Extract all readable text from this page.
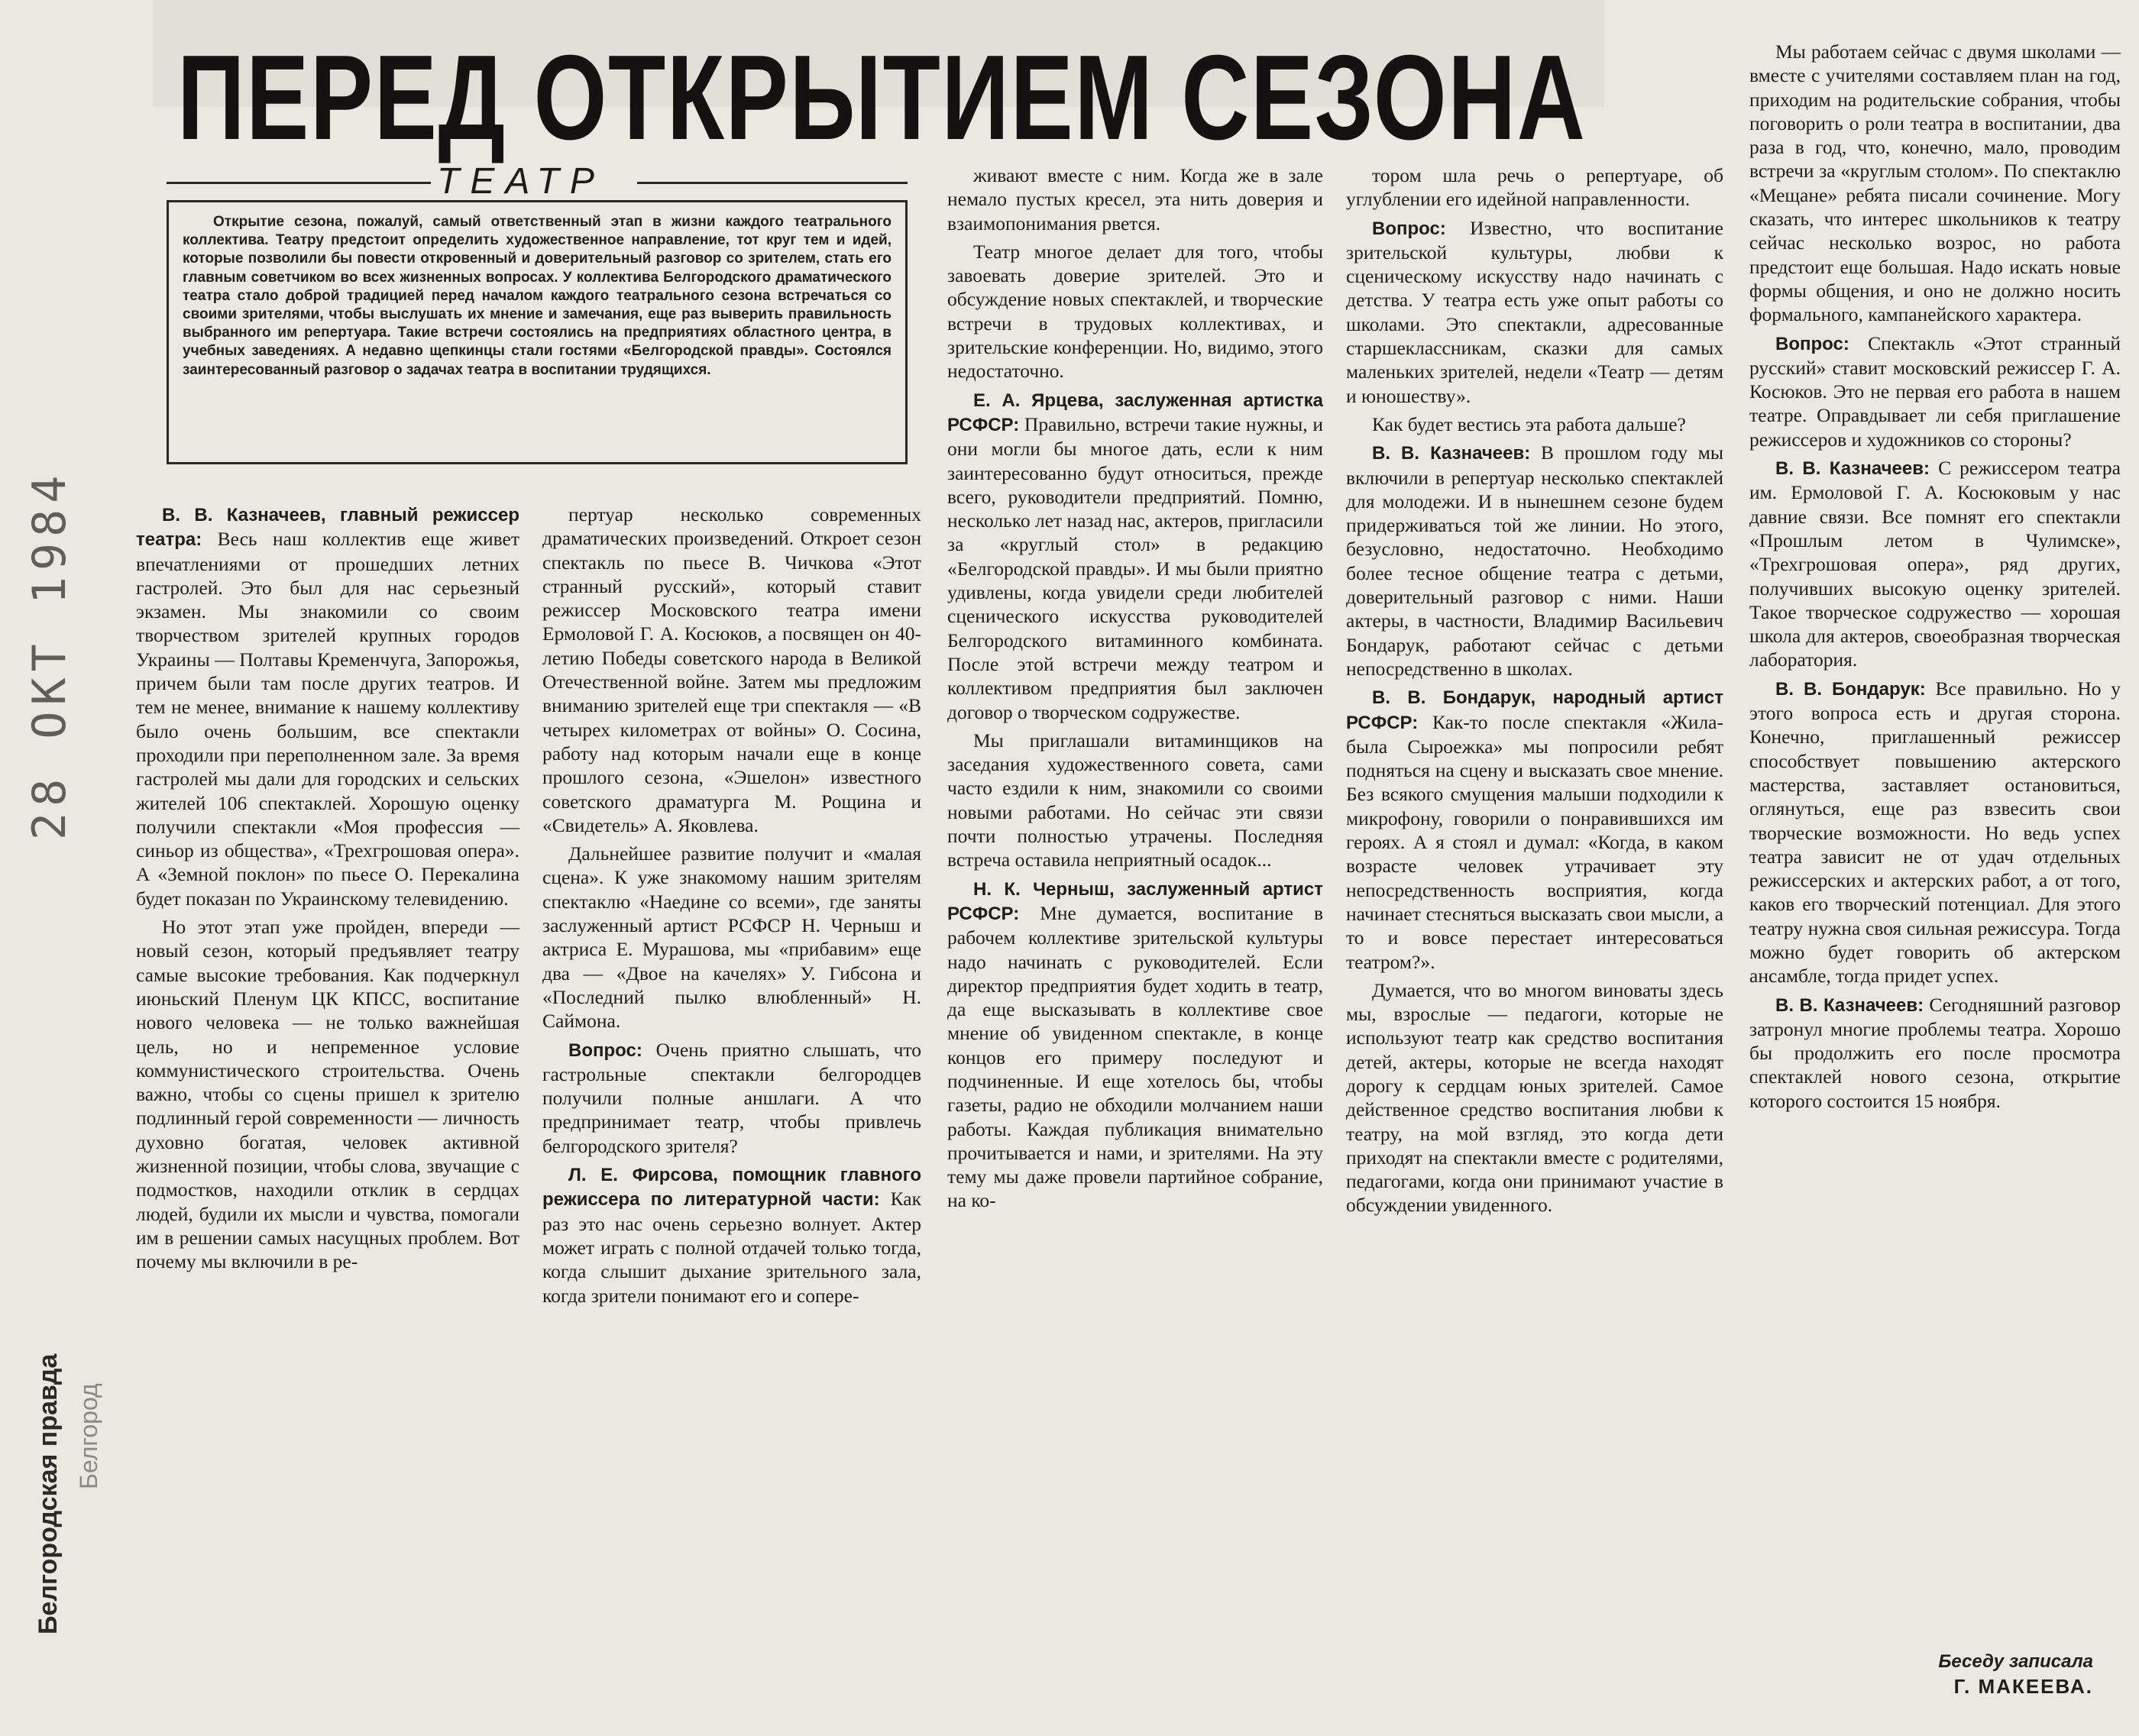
ПЕРЕД ОТКРЫТИЕМ СЕЗОНА
ТЕАТР
Открытие сезона, пожалуй, самый ответственный этап в жизни каждого театрального коллектива. Театру предстоит определить художественное направление, тот круг тем и идей, которые позволили бы повести откровенный и доверительный разговор со зрителем, стать его главным советчиком во всех жизненных вопросах. У коллектива Белгородского драматического театра стало доброй традицией перед началом каждого театрального сезона встречаться со своими зрителями, чтобы выслушать их мнение и замечания, еще раз выверить правильность выбранного им репертуара. Такие встречи состоялись на предприятиях областного центра, в учебных заведениях. А недавно щепкинцы стали гостями «Белгородской правды». Состоялся заинтересованный разговор о задачах театра в воспитании трудящихся.

В. В. Казначеев, главный режиссер театра: Весь наш коллектив еще живет впечатлениями от прошедших летних гастролей. Это был для нас серьезный экзамен. Мы знакомили со своим творчеством зрителей крупных городов Украины — Полтавы Кременчуга, Запорожья, причем были там после других театров. И тем не менее, внимание к нашему коллективу было очень большим, все спектакли проходили при переполненном зале. За время гастролей мы дали для городских и сельских жителей 106 спектаклей. Хорошую оценку получили спектакли «Моя профессия — синьор из общества», «Трехгрошовая опера». А «Земной поклон» по пьесе О. Перекалина будет показан по Украинскому телевидению.

Но этот этап уже пройден, впереди — новый сезон, который предъявляет театру самые высокие требования. Как подчеркнул июньский Пленум ЦК КПСС, воспитание нового человека — не только важнейшая цель, но и непременное условие коммунистического строительства. Очень важно, чтобы со сцены пришел к зрителю подлинный герой современности — личность духовно богатая, человек активной жизненной позиции, чтобы слова, звучащие с подмостков, находили отклик в сердцах людей, будили их мысли и чувства, помогали им в решении самых насущных проблем. Вот почему мы включили в ре-

пертуар несколько современных драматических произведений. Откроет сезон спектакль по пьесе В. Чичкова «Этот странный русский», который ставит режиссер Московского театра имени Ермоловой Г. А. Косюков, а посвящен он 40-летию Победы советского народа в Великой Отечественной войне. Затем мы предложим вниманию зрителей еще три спектакля — «В четырех километрах от войны» О. Сосина, работу над которым начали еще в конце прошлого сезона, «Эшелон» известного советского драматурга М. Рощина и «Свидетель» А. Яковлева.

Дальнейшее развитие получит и «малая сцена». К уже знакомому нашим зрителям спектаклю «Наедине со всеми», где заняты заслуженный артист РСФСР Н. Черныш и актриса Е. Мурашова, мы «прибавим» еще два — «Двое на качелях» У. Гибсона и «Последний пылко влюбленный» Н. Саймона.

Вопрос: Очень приятно слышать, что гастрольные спектакли белгородцев получили полные аншлаги. А что предпринимает театр, чтобы привлечь белгородского зрителя?

Л. Е. Фирсова, помощник главного режиссера по литературной части: Как раз это нас очень серьезно волнует. Актер может играть с полной отдачей только тогда, когда слышит дыхание зрительного зала, когда зрители понимают его и сопере-

живают вместе с ним. Когда же в зале немало пустых кресел, эта нить доверия и взаимопонимания рвется.

Театр многое делает для того, чтобы завоевать доверие зрителей. Это и обсуждение новых спектаклей, и творческие встречи в трудовых коллективах, и зрительские конференции. Но, видимо, этого недостаточно.

Е. А. Ярцева, заслуженная артистка РСФСР: Правильно, встречи такие нужны, и они могли бы многое дать, если к ним заинтересованно будут относиться, прежде всего, руководители предприятий. Помню, несколько лет назад нас, актеров, пригласили за «круглый стол» в редакцию «Белгородской правды». И мы были приятно удивлены, когда увидели среди любителей сценического искусства руководителей Белгородского витаминного комбината. После этой встречи между театром и коллективом предприятия был заключен договор о творческом содружестве.

Мы приглашали витаминщиков на заседания художественного совета, сами часто ездили к ним, знакомили со своими новыми работами. Но сейчас эти связи почти полностью утрачены. Последняя встреча оставила неприятный осадок...

Н. К. Черныш, заслуженный артист РСФСР: Мне думается, воспитание в рабочем коллективе зрительской культуры надо начинать с руководителей. Если директор предприятия будет ходить в театр, да еще высказывать в коллективе свое мнение об увиденном спектакле, в конце концов его примеру последуют и подчиненные. И еще хотелось бы, чтобы газеты, радио не обходили молчанием наши работы. Каждая публикация внимательно прочитывается и нами, и зрителями. На эту тему мы даже провели партийное собрание, на ко-

тором шла речь о репертуаре, об углублении его идейной направленности.

Вопрос: Известно, что воспитание зрительской культуры, любви к сценическому искусству надо начинать с детства. У театра есть уже опыт работы со школами. Это спектакли, адресованные старшеклассникам, сказки для самых маленьких зрителей, недели «Театр — детям и юношеству».

Как будет вестись эта работа дальше?

В. В. Казначеев: В прошлом году мы включили в репертуар несколько спектаклей для молодежи. И в нынешнем сезоне будем придерживаться той же линии. Но этого, безусловно, недостаточно. Необходимо более тесное общение театра с детьми, доверительный разговор с ними. Наши актеры, в частности, Владимир Васильевич Бондарук, работают сейчас с детьми непосредственно в школах.

В. В. Бондарук, народный артист РСФСР: Как-то после спектакля «Жила-была Сыроежка» мы попросили ребят подняться на сцену и высказать свое мнение. Без всякого смущения малыши подходили к микрофону, говорили о понравившихся им героях. А я стоял и думал: «Когда, в каком возрасте человек утрачивает эту непосредственность восприятия, когда начинает стесняться высказать свои мысли, а то и вовсе перестает интересоваться театром?».

Думается, что во многом виноваты здесь мы, взрослые — педагоги, которые не используют театр как средство воспитания детей, актеры, которые не всегда находят дорогу к сердцам юных зрителей. Самое действенное средство воспитания любви к театру, на мой взгляд, это когда дети приходят на спектакли вместе с родителями, педагогами, когда они принимают участие в обсуждении увиденного.

Мы работаем сейчас с двумя школами — вместе с учителями составляем план на год, приходим на родительские собрания, чтобы поговорить о роли театра в воспитании, два раза в год, что, конечно, мало, проводим встречи за «круглым столом». По спектаклю «Мещане» ребята писали сочинение. Могу сказать, что интерес школьников к театру сейчас несколько возрос, но работа предстоит еще большая. Надо искать новые формы общения, и оно не должно носить формального, кампанейского характера.

Вопрос: Спектакль «Этот странный русский» ставит московский режиссер Г. А. Косюков. Это не первая его работа в нашем театре. Оправдывает ли себя приглашение режиссеров и художников со стороны?

В. В. Казначеев: С режиссером театра им. Ермоловой Г. А. Косюковым у нас давние связи. Все помнят его спектакли «Прошлым летом в Чулимске», «Трехгрошовая опера», ряд других, получивших высокую оценку зрителей. Такое творческое содружество — хорошая школа для актеров, своеобразная творческая лаборатория.

В. В. Бондарук: Все правильно. Но у этого вопроса есть и другая сторона. Конечно, приглашенный режиссер способствует повышению актерского мастерства, заставляет остановиться, оглянуться, еще раз взвесить свои творческие возможности. Но ведь успех театра зависит не от удач отдельных режиссерских и актерских работ, а от того, каков его творческий потенциал. Для этого театру нужна своя сильная режиссура. Тогда можно будет говорить об актерском ансамбле, тогда придет успех.

В. В. Казначеев: Сегодняшний разговор затронул многие проблемы театра. Хорошо бы продолжить его после просмотра спектаклей нового сезона, открытие которого состоится 15 ноября.

Беседу записала
Г. МАКЕЕВА.
28 ОКТ 1984
Белгородская правда Белгород
